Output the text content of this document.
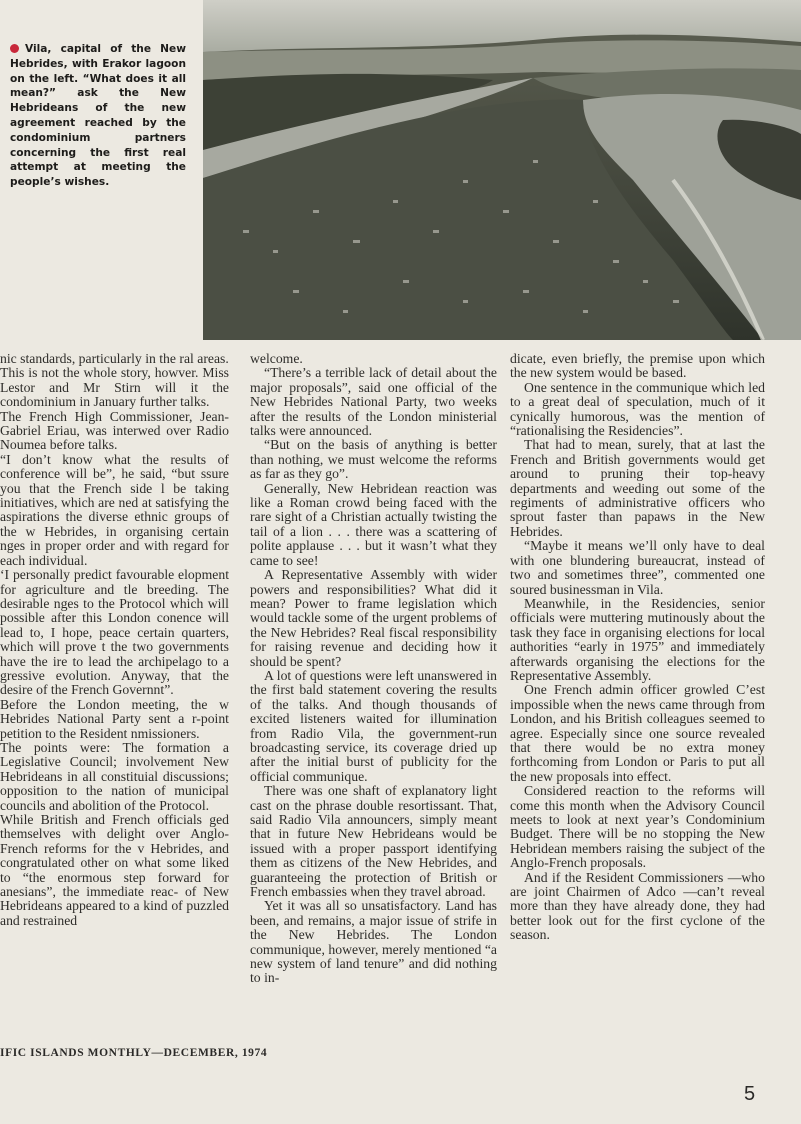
Vila, capital of the New Hebrides, with Erakor lagoon on the left. “What does it all mean?” ask the New Hebrideans of the new agreement reached by the condominium partners concerning the first real attempt at meeting the people’s wishes.

nic standards, particularly in the ral areas.

This is not the whole story, howver. Miss Lestor and Mr Stirn will it the condominium in January further talks.

The French High Commissioner, Jean-Gabriel Eriau, was interwed over Radio Noumea before talks.

“I don’t know what the results of conference will be”, he said, “but ssure you that the French side l be taking initiatives, which are ned at satisfying the aspirations the diverse ethnic groups of the w Hebrides, in organising certain nges in proper order and with regard for each individual.

‘I personally predict favourable elopment for agriculture and tle breeding. The desirable nges to the Protocol which will possible after this London conence will lead to, I hope, peace certain quarters, which will prove t the two governments have the ire to lead the archipelago to a gressive evolution. Anyway, that the desire of the French Governnt”.

Before the London meeting, the w Hebrides National Party sent a r-point petition to the Resident nmissioners.

The points were: The formation a Legislative Council; involvement New Hebrideans in all constituial discussions; opposition to the nation of municipal councils and abolition of the Protocol.

While British and French officials ged themselves with delight over Anglo-French reforms for the v Hebrides, and congratulated other on what some liked to “the enormous step forward for anesians”, the immediate reac- of New Hebrideans appeared to a kind of puzzled and restrained

welcome.

“There’s a terrible lack of detail about the major proposals”, said one official of the New Hebrides National Party, two weeks after the results of the London ministerial talks were announced.

“But on the basis of anything is better than nothing, we must welcome the reforms as far as they go”.

Generally, New Hebridean reaction was like a Roman crowd being faced with the rare sight of a Christian actually twisting the tail of a lion . . . there was a scattering of polite applause . . . but it wasn’t what they came to see!

A Representative Assembly with wider powers and responsibilities? What did it mean? Power to frame legislation which would tackle some of the urgent problems of the New Hebrides? Real fiscal responsibility for raising revenue and deciding how it should be spent?

A lot of questions were left unanswered in the first bald statement covering the results of the talks. And though thousands of excited listeners waited for illumination from Radio Vila, the government-run broadcasting service, its coverage dried up after the initial burst of publicity for the official communique.

There was one shaft of explanatory light cast on the phrase double resortissant. That, said Radio Vila announcers, simply meant that in future New Hebrideans would be issued with a proper passport identifying them as citizens of the New Hebrides, and guaranteeing the protection of British or French embassies when they travel abroad.

Yet it was all so unsatisfactory. Land has been, and remains, a major issue of strife in the New Hebrides. The London communique, however, merely mentioned “a new system of land tenure” and did nothing to in-

dicate, even briefly, the premise upon which the new system would be based.

One sentence in the communique which led to a great deal of speculation, much of it cynically humorous, was the mention of “rationalising the Residencies”.

That had to mean, surely, that at last the French and British governments would get around to pruning their top-heavy departments and weeding out some of the regiments of administrative officers who sprout faster than papaws in the New Hebrides.

“Maybe it means we’ll only have to deal with one blundering bureaucrat, instead of two and sometimes three”, commented one soured businessman in Vila.

Meanwhile, in the Residencies, senior officials were muttering mutinously about the task they face in organising elections for local authorities “early in 1975” and immediately afterwards organising the elections for the Representative Assembly.

One French admin officer growled C’est impossible when the news came through from London, and his British colleagues seemed to agree. Especially since one source revealed that there would be no extra money forthcoming from London or Paris to put all the new proposals into effect.

Considered reaction to the reforms will come this month when the Advisory Council meets to look at next year’s Condominium Budget. There will be no stopping the New Hebridean members raising the subject of the Anglo-French proposals.

And if the Resident Commissioners —who are joint Chairmen of Adco —can’t reveal more than they have already done, they had better look out for the first cyclone of the season.

IFIC ISLANDS MONTHLY—DECEMBER, 1974
5
